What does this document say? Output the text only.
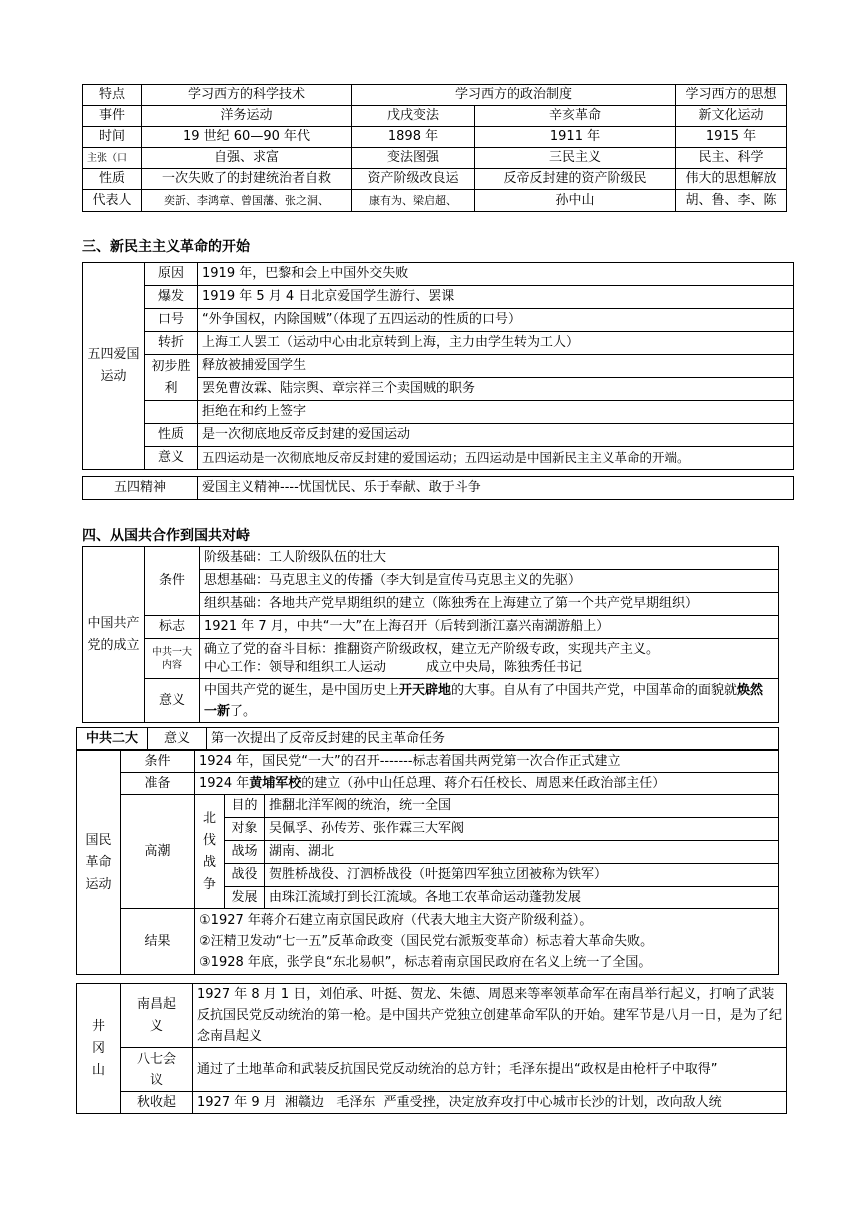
特点	学习西方的科学技术	学习西方的政治制度		学习西方的思想
事件	洋务运动	戊戌变法	辛亥革命	新文化运动
时间	19 世纪 60—90 年代	1898 年	1911 年	1915 年
主张（口	自强、求富	变法图强	三民主义	民主、科学
性质	一次失败了的封建统治者自救	资产阶级改良运	反帝反封建的资产阶级民	伟大的思想解放
代表人	奕訢、李鸿章、曾国藩、张之洞、	康有为、梁启超、	孙中山	胡、鲁、李、陈
三、新民主主义革命的开始
五四爱国运动	原因	1919 年，巴黎和会上中国外交失败
	爆发	1919 年 5 月 4 日北京爱国学生游行、罢课
	口号	“外争国权，内除国贼”（体现了五四运动的性质的口号）
	转折	上海工人罢工（运动中心由北京转到上海，主力由学生转为工人）
	初步胜利	释放被捕爱国学生
		罢免曹汝霖、陆宗舆、章宗祥三个卖国贼的职务
		拒绝在和约上签字
	性质	是一次彻底地反帝反封建的爱国运动
	意义	五四运动是一次彻底地反帝反封建的爱国运动；五四运动是中国新民主主义革命的开端。
五四精神	爱国主义精神----忧国忧民、乐于奉献、敢于斗争
四、从国共合作到国共对峙
中国共产党的成立	条件	阶级基础：工人阶级队伍的壮大
		思想基础：马克思主义的传播（李大钊是宣传马克思主义的先驱）
		组织基础：各地共产党早期组织的建立（陈独秀在上海建立了第一个共产党早期组织）
	标志	1921 年 7 月，中共“一大”在上海召开（后转到浙江嘉兴南湖游船上）
	中共一大内容	确立了党的奋斗目标：推翻资产阶级政权，建立无产阶级专政，实现共产主义。
中心工作：领导和组织工人运动 成立中央局，陈独秀任书记

	意义	中国共产党的诞生，是中国历史上开天辟地的大事。自从有了中国共产党，中国革命的面貌就焕然一新了。
中共二大	意义	第一次提出了反帝反封建的民主革命任务
国民革命运动	条件	1924 年，国民党“一大”的召开-------标志着国共两党第一次合作正式建立		
	准备	1924 年黄埔军校的建立（孙中山任总理、蒋介石任校长、周恩来任政治部主任）		
	高潮	北伐战争	目的	推翻北洋军阀的统治，统一全国
			对象	吴佩孚、孙传芳、张作霖三大军阀
			战场	湖南、湖北
			战役	贺胜桥战役、汀泗桥战役（叶挺第四军独立团被称为铁军）
			发展	由珠江流域打到长江流域。各地工农革命运动蓬勃发展
	结果	①1927 年蒋介石建立南京国民政府（代表大地主大资产阶级利益）。
②汪精卫发动“七一五”反革命政变（国民党右派叛变革命）标志着大革命失败。
③1928 年底，张学良“东北易帜”，标志着南京国民政府在名义上统一了全国。		
井冈山	南昌起义	1927 年 8 月 1 日，刘伯承、叶挺、贺龙、朱德、周恩来等率领革命军在南昌举行起义，打响了武装反抗国民党反动统治的第一枪。是中国共产党独立创建革命军队的开始。建军节是八月一日，是为了纪念南昌起义
	八七会议	通过了土地革命和武装反抗国民党反动统治的总方针；毛泽东提出“政权是由枪杆子中取得”
	秋收起	1927 年 9 月  湘赣边   毛泽东  严重受挫，决定放弃攻打中心城市长沙的计划，改向敌人统
